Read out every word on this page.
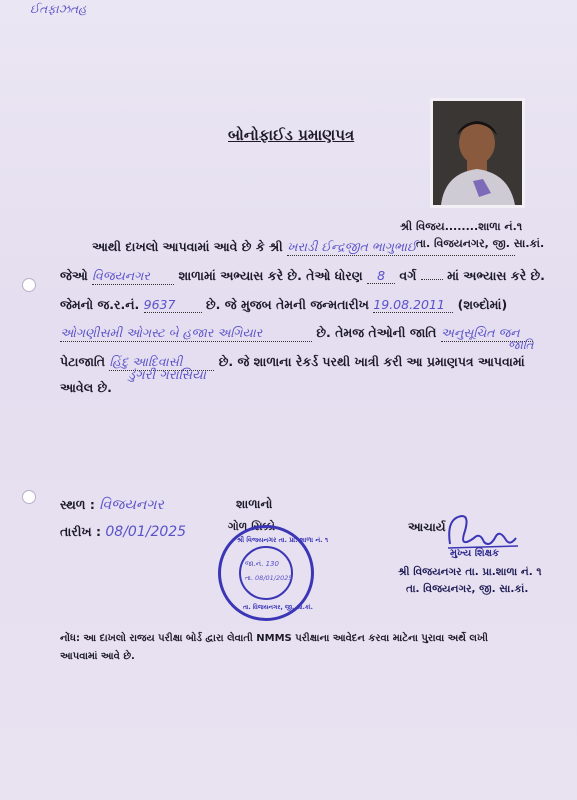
ઈતફાઝતહ
બોનોફાઈડ પ્રમાણપત્ર
શ્રી વિજય........શાળા નં.૧
તા. વિજયનગર, જી. સા.કાં.
આથી દાખલો આપવામાં આવે છે કે શ્રી ખરાડી ઈન્દ્રજીત ભાગુભાઈ
જેઓ વિજયનગર શાળામાં અભ્યાસ કરે છે. તેઓ ધોરણ 8 વર્ગ માં અભ્યાસ કરે છે.
જેમનો જ.ર.નં. 9637 છે. જે મુજબ તેમની જન્મતારીખ 19.08.2011 (શબ્દોમાં)
ઓગણીસમી ઓગસ્ટ બે હજાર અગિયાર	છે. તેમજ તેઓની જાતિ અનુસૂચિત જન
જાતિ
પેટાજાતિ હિંદુ આદિવાસી	છે. જે શાળાના રેકર્ડ પરથી ખાત્રી કરી આ પ્રમાણપત્ર આપવામાં
આવેલ છે.
ડુંગરી ગરાસિયા
સ્થળ : વિજયનગર
તારીખ : 08/01/2025
શાળાનો
ગોળ સિક્કો	આચાર્ય
શ્રી વિજયનગર તા. પ્રા. શાળા નં. ૧
તા. વિજયનગર, જી. સા.કાં.
જા.નં. 130
તા. 08/01/2025
મુખ્ય શિક્ષક
શ્રી વિજયનગર તા. પ્રા.શાળા નં. ૧
તા. વિજયનગર, જી. સા.કાં.
નોંધ: આ દાખલો રાજય પરીક્ષા બોર્ડ દ્વારા લેવાતી NMMS પરીક્ષાના આવેદન કરવા માટેના પુરાવા અર્થે લખી
આપવામાં આવે છે.
